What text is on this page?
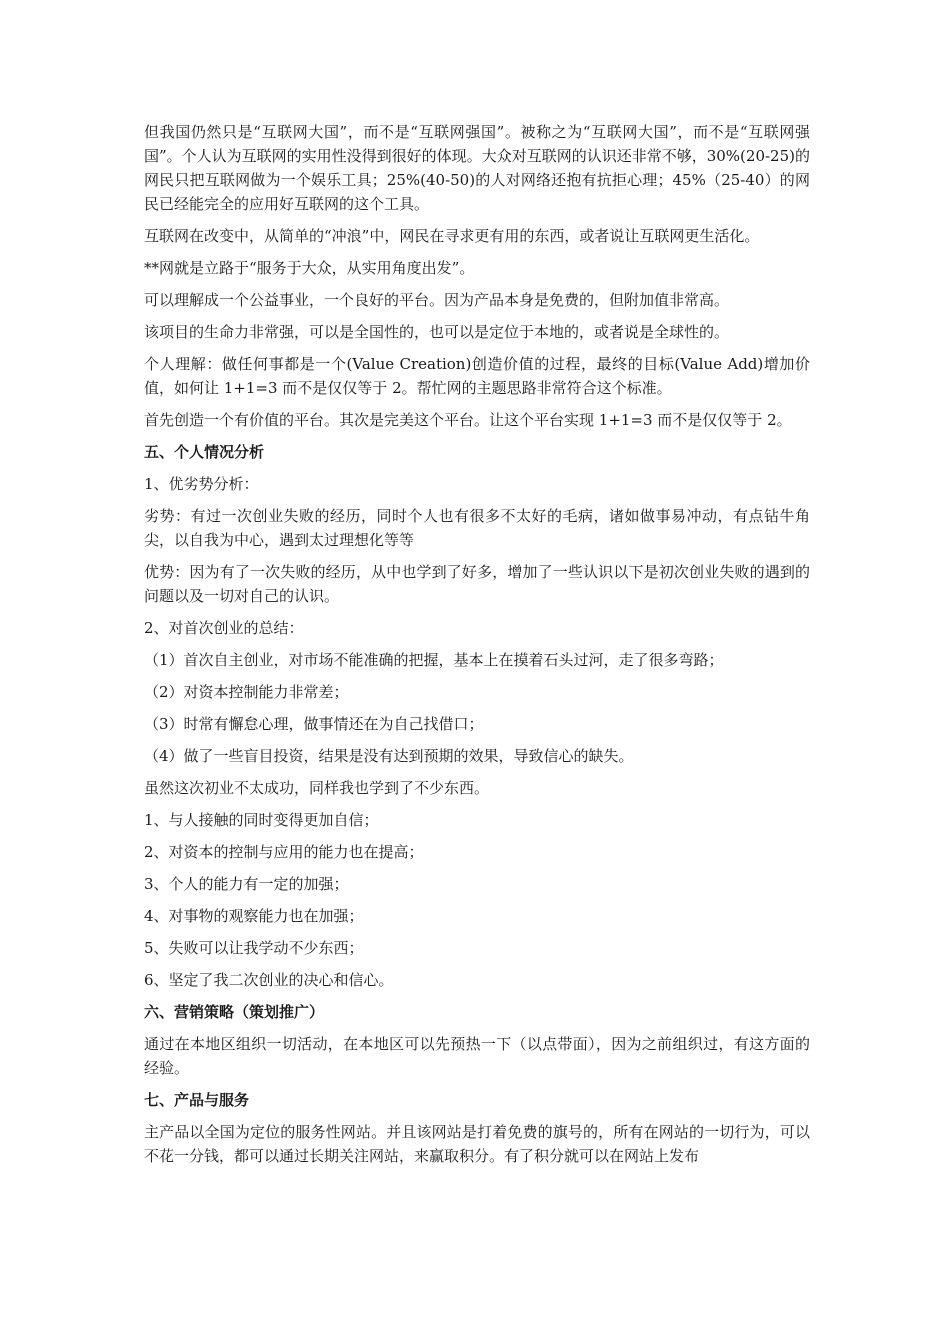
但我国仍然只是“互联网大国”，而不是“互联网强国”。被称之为“互联网大国”，而不是“互联网强国”。个人认为互联网的实用性没得到很好的体现。大众对互联网的认识还非常不够，30%(20-25)的网民只把互联网做为一个娱乐工具；25%(40-50)的人对网络还抱有抗拒心理；45%（25-40）的网民已经能完全的应用好互联网的这个工具。

互联网在改变中，从简单的“冲浪”中，网民在寻求更有用的东西，或者说让互联网更生活化。

**网就是立路于“服务于大众，从实用角度出发”。

可以理解成一个公益事业，一个良好的平台。因为产品本身是免费的，但附加值非常高。

该项目的生命力非常强，可以是全国性的，也可以是定位于本地的，或者说是全球性的。

个人理解：做任何事都是一个(Value Creation)创造价值的过程，最终的目标(Value Add)增加价值，如何让 1+1=3 而不是仅仅等于 2。帮忙网的主题思路非常符合这个标准。

首先创造一个有价值的平台。其次是完美这个平台。让这个平台实现 1+1=3 而不是仅仅等于 2。

五、个人情况分析

1、优劣势分析：

劣势：有过一次创业失败的经历，同时个人也有很多不太好的毛病，诸如做事易冲动，有点钻牛角尖，以自我为中心，遇到太过理想化等等

优势：因为有了一次失败的经历，从中也学到了好多，增加了一些认识以下是初次创业失败的遇到的问题以及一切对自己的认识。

2、对首次创业的总结：

（1）首次自主创业，对市场不能准确的把握，基本上在摸着石头过河，走了很多弯路；

（2）对资本控制能力非常差；

（3）时常有懈怠心理，做事情还在为自己找借口；

（4）做了一些盲目投资，结果是没有达到预期的效果，导致信心的缺失。

虽然这次初业不太成功，同样我也学到了不少东西。

1、与人接触的同时变得更加自信；

2、对资本的控制与应用的能力也在提高；

3、个人的能力有一定的加强；

4、对事物的观察能力也在加强；

5、失败可以让我学动不少东西；

6、坚定了我二次创业的决心和信心。

六、营销策略（策划推广）

通过在本地区组织一切活动，在本地区可以先预热一下（以点带面），因为之前组织过，有这方面的经验。

七、产品与服务

主产品以全国为定位的服务性网站。并且该网站是打着免费的旗号的，所有在网站的一切行为，可以不花一分钱，都可以通过长期关注网站，来赢取积分。有了积分就可以在网站上发布
